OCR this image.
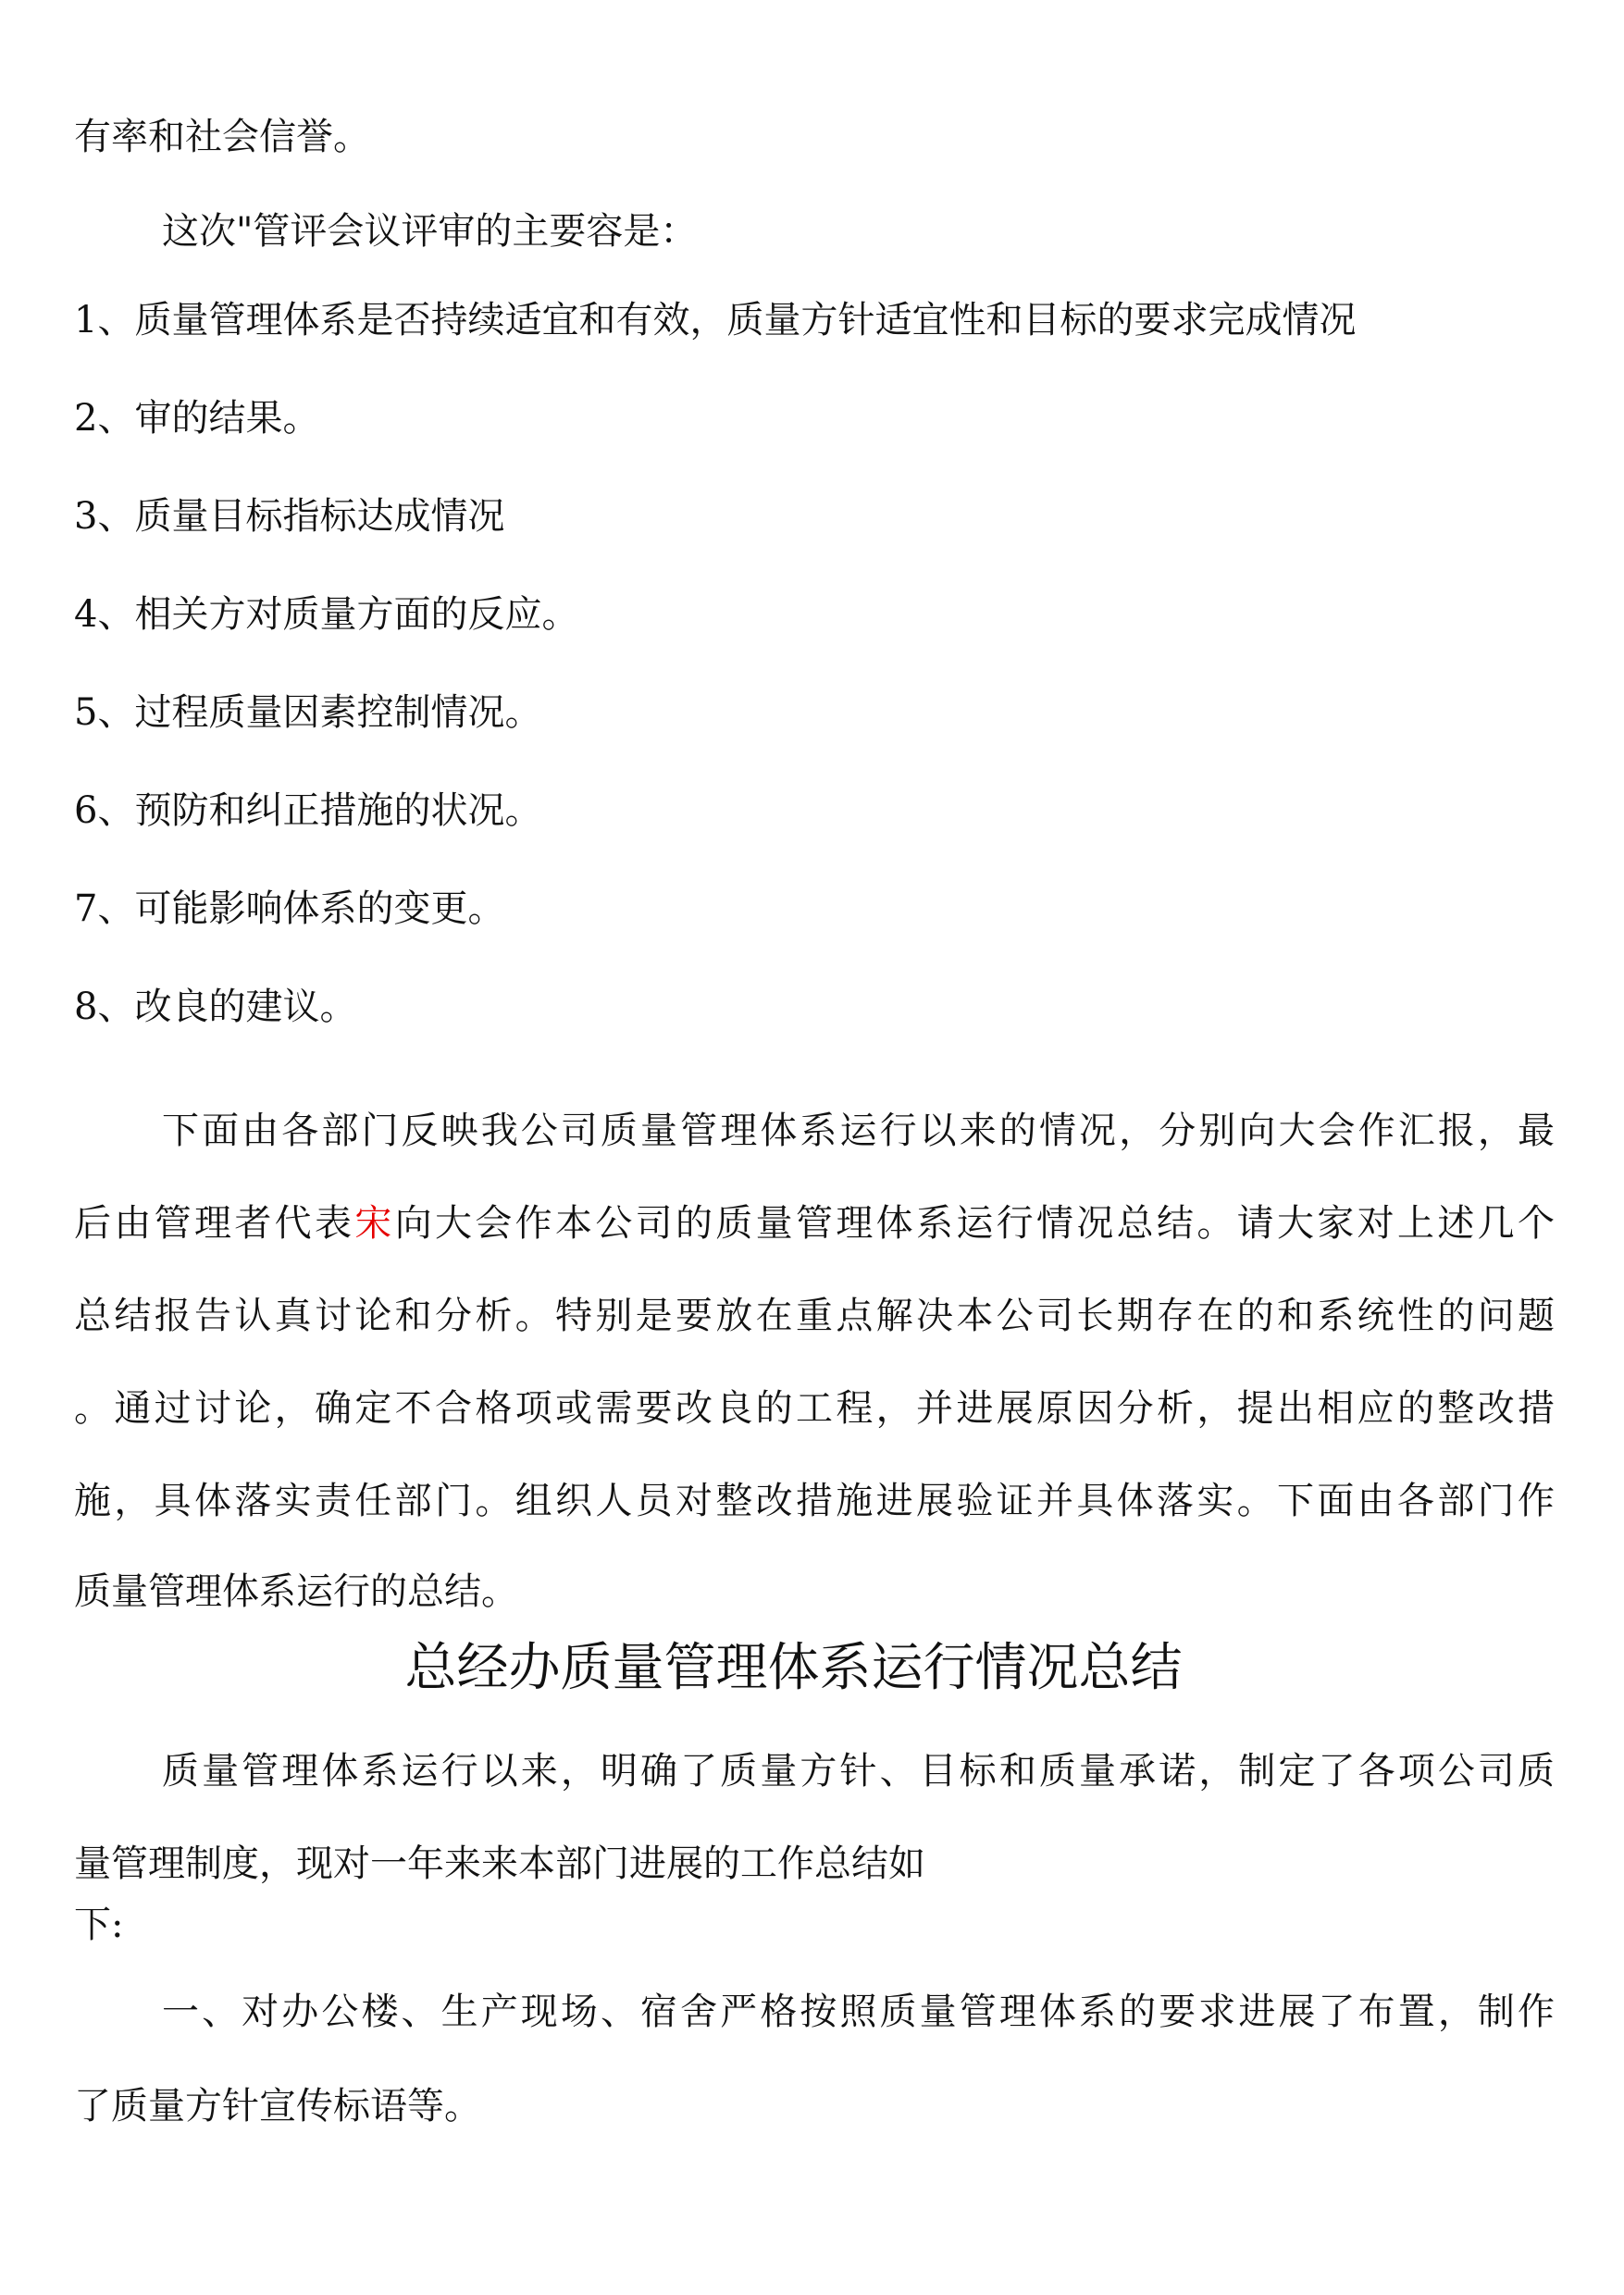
有率和社会信誉。

这次"管评会议评审的主要容是：

1、质量管理体系是否持续适宜和有效，质量方针适宜性和目标的要求完成情况

2、审的结果。

3、质量目标指标达成情况

4、相关方对质量方面的反应。

5、过程质量因素控制情况。

6、预防和纠正措施的状况。

7、可能影响体系的变更。

8、改良的建议。

下面由各部门反映我公司质量管理体系运行以来的情况，分别向大会作汇报，最

后由管理者代表宋向大会作本公司的质量管理体系运行情况总结。请大家对上述几个

总结报告认真讨论和分析。特别是要放在重点解决本公司长期存在的和系统性的问题

。通过讨论，确定不合格项或需要改良的工程，并进展原因分析，提出相应的整改措

施，具体落实责任部门。组织人员对整改措施进展验证并具体落实。下面由各部门作

质量管理体系运行的总结。

总经办质量管理体系运行情况总结

质量管理体系运行以来，明确了质量方针、目标和质量承诺，制定了各项公司质

量管理制度，现对一年来来本部门进展的工作总结如

下:

一、对办公楼、生产现场、宿舍严格按照质量管理体系的要求进展了布置，制作

了质量方针宣传标语等。
